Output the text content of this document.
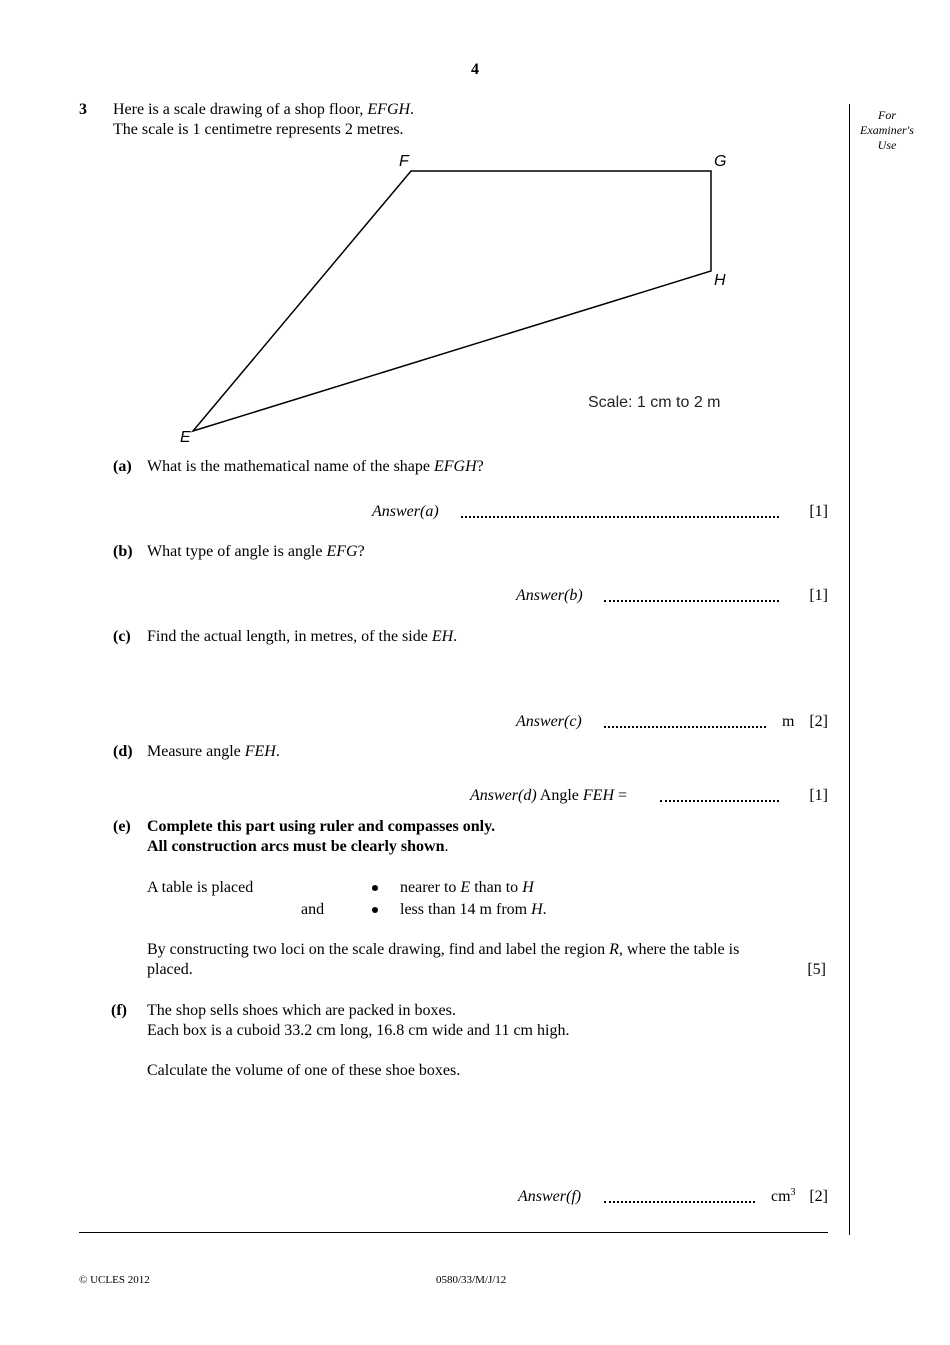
4
For
Examiner's
Use
3 Here is a scale drawing of a shop floor, EFGH.
The scale is 1 centimetre represents 2 metres.
E
F	G
H
Scale: 1 cm to 2 m
(a) What is the mathematical name of the shape EFGH?
Answer(a)	[1]
(b) What type of angle is angle EFG?
Answer(b)	[1]
(c) Find the actual length, in metres, of the side EH.
Answer(c)	m [2]
(d) Measure angle FEH.
Answer(d) Angle FEH =	[1]
(e) Complete this part using ruler and compasses only.
All construction arcs must be clearly shown.
A table is placed	nearer to E than to H
and	less than 14 m from H.
By constructing two loci on the scale drawing, find and label the region R, where the table is
placed.	[5]
(f) The shop sells shoes which are packed in boxes.
Each box is a cuboid 33.2 cm long, 16.8 cm wide and 11 cm high.
Calculate the volume of one of these shoe boxes.
Answer(f)	$cm^3$ [2]
© UCLES 2012	0580/33/M/J/12
